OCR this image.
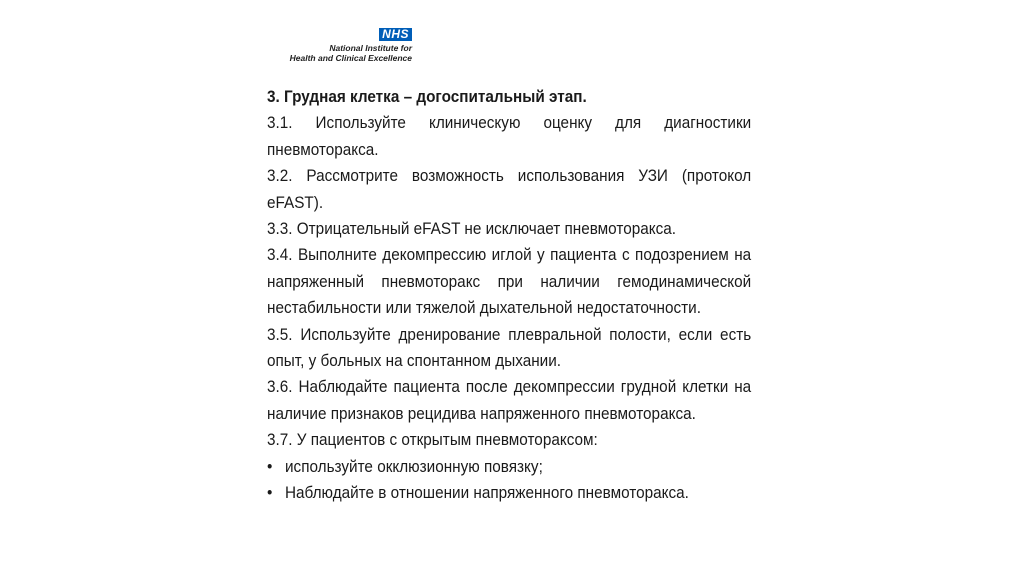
NHS
National Institute for
Health and Clinical Excellence

3. Грудная клетка – догоспитальный этап.

3.1. Используйте клиническую оценку для диагностики пневмоторакса.

3.2. Рассмотрите возможность использования УЗИ (протокол eFAST).

3.3. Отрицательный eFAST не исключает пневмоторакса.

3.4. Выполните декомпрессию иглой у пациента с подозрением на напряженный пневмоторакс при наличии гемодинамической нестабильности или тяжелой дыхательной недостаточности.

3.5. Используйте дренирование плевральной полости, если есть опыт, у больных на спонтанном дыхании.

3.6. Наблюдайте пациента после декомпрессии грудной клетки на наличие признаков рецидива напряженного пневмоторакса.

3.7. У пациентов с открытым пневмотораксом:

• используйте окклюзионную повязку;
• Наблюдайте в отношении напряженного пневмоторакса.
